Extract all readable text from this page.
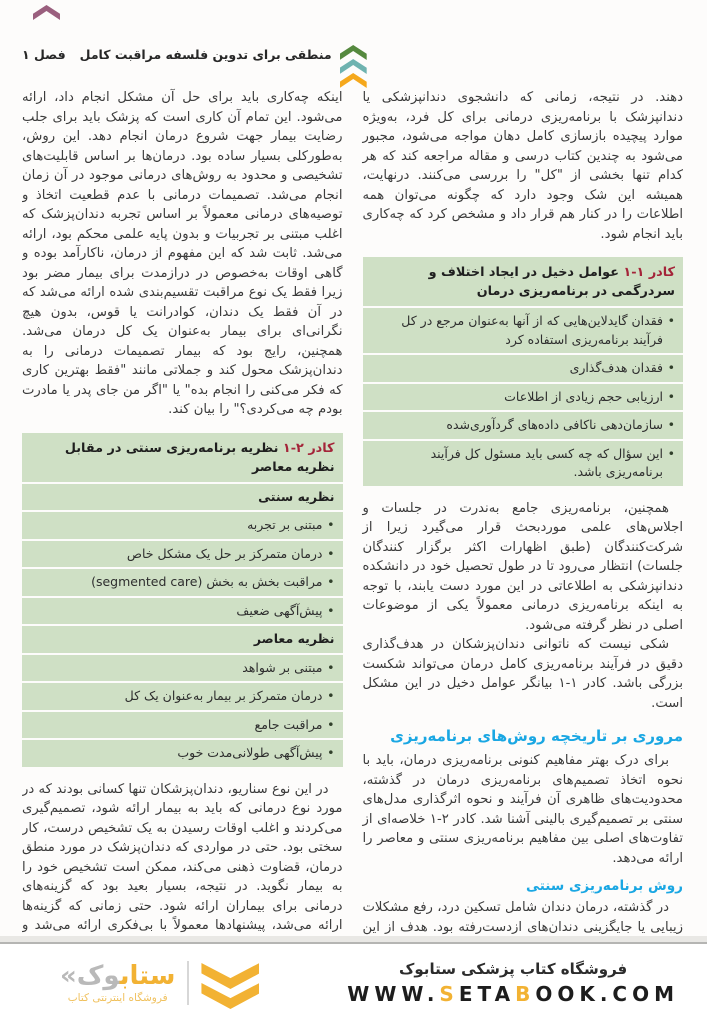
فصل ۱ منطقی برای تدوین فلسفه مراقبت کامل

دهند. در نتیجه، زمانی که دانشجوی دندانپزشکی یا دندانپزشک با برنامه‌ریزی درمانی برای کل فرد، به‌ویژه موارد پیچیده بازسازی کامل دهان مواجه می‌شود، مجبور می‌شود به چندین کتاب درسی و مقاله مراجعه کند که هر کدام تنها بخشی از "کل" را بررسی می‌کنند. درنهایت، همیشه این شک وجود دارد که چگونه می‌توان همه اطلاعات را در کنار هم قرار داد و مشخص کرد که چه‌کاری باید انجام شود.

کادر ۱-۱ عوامل دخیل در ایجاد اختلاف و سردرگمی در برنامه‌ریزی درمان
•
فقدان گایدلاین‌هایی که از آنها به‌عنوان مرجع در کل فرآیند برنامه‌ریزی استفاده کرد
•
فقدان هدف‌گذاری
•
ارزیابی حجم زیادی از اطلاعات
•
سازمان‌دهی ناکافی داده‌های گردآوری‌شده
•
این سؤال که چه کسی باید مسئول کل فرآیند برنامه‌ریزی باشد.

همچنین، برنامه‌ریزی جامع به‌ندرت در جلسات و اجلاس‌های علمی موردبحث قرار می‌گیرد زیرا از شرکت‌کنندگان (طبق اظهارات اکثر برگزار کنندگان جلسات) انتظار می‌رود تا در طول تحصیل خود در دانشکده دندانپزشکی به اطلاعاتی در این مورد دست یابند، با توجه به اینکه برنامه‌ریزی درمانی معمولاً یکی از موضوعات اصلی در نظر گرفته می‌شود.

شکی نیست که ناتوانی دندان‌پزشکان در هدف‌گذاری دقیق در فرآیند برنامه‌ریزی کامل درمان می‌تواند شکست بزرگی باشد. کادر ۱-۱ بیانگر عوامل دخیل در این مشکل است.

مروری بر تاریخچه روش‌های برنامه‌ریزی

برای درک بهتر مفاهیم کنونی برنامه‌ریزی درمان، باید با نحوه اتخاذ تصمیم‌های برنامه‌ریزی درمان در گذشته، محدودیت‌های ظاهری آن فرآیند و نحوه اثرگذاری مدل‌های سنتی بر تصمیم‌گیری بالینی آشنا شد. کادر ۲-۱ خلاصه‌ای از تفاوت‌های اصلی بین مفاهیم برنامه‌ریزی سنتی و معاصر را ارائه می‌دهد.

روش برنامه‌ریزی سنتی

در گذشته، درمان دندان شامل تسکین درد، رفع مشکلات زیبایی یا جایگزینی دندان‌های ازدست‌رفته بود. هدف از این

اینکه چه‌کاری باید برای حل آن مشکل انجام داد، ارائه می‌شود. این تمام آن کاری است که پزشک باید برای جلب رضایت بیمار جهت شروع درمان انجام دهد. این روش، به‌طورکلی بسیار ساده بود. درمان‌ها بر اساس قابلیت‌های تشخیصی و محدود به روش‌های درمانی موجود در آن زمان انجام می‌شد. تصمیمات درمانی با عدم قطعیت اتخاذ و توصیه‌های درمانی معمولاً بر اساس تجربه دندان‌پزشک که اغلب مبتنی بر تجربیات و بدون پایه علمی محکم بود، ارائه می‌شد. ثابت شد که این مفهوم از درمان، ناکارآمد بوده و گاهی اوقات به‌خصوص در درازمدت برای بیمار مضر بود زیرا فقط یک نوع مراقبت تقسیم‌بندی شده ارائه می‌شد که در آن فقط یک دندان، کوادرانت یا قوس، بدون هیچ نگرانی‌ای برای بیمار به‌عنوان یک کل درمان می‌شد. همچنین، رایج بود که بیمار تصمیمات درمانی را به دندان‌پزشک محول کند و جملاتی مانند "فقط بهترین کاری که فکر می‌کنی را انجام بده" یا "اگر من جای پدر یا مادرت بودم چه می‌کردی؟" را بیان کند.

کادر ۲-۱ نظریه برنامه‌ریزی سنتی در مقابل نظریه معاصر
نظریه سنتی
•
مبتنی بر تجربه
•
درمان متمرکز بر حل یک مشکل خاص
•
مراقبت بخش به بخش (segmented care)
•
پیش‌آگهی ضعیف
نظریه معاصر
•
مبتنی بر شواهد
•
درمان متمرکز بر بیمار به‌عنوان یک کل
•
مراقبت جامع
•
پیش‌آگهی طولانی‌مدت خوب

در این نوع سناریو، دندان‌پزشکان تنها کسانی بودند که در مورد نوع درمانی که باید به بیمار ارائه شود، تصمیم‌گیری می‌کردند و اغلب اوقات رسیدن به یک تشخیص درست، کار سختی بود. حتی در مواردی که دندان‌پزشک در مورد منطق درمان، قضاوت ذهنی می‌کند، ممکن است تشخیص خود را به بیمار نگوید. در نتیجه، بسیار بعید بود که گزینه‌های درمانی برای بیماران ارائه شود. حتی زمانی که گزینه‌ها ارائه می‌شد، پیشنهادها معمولاً با بی‌فکری ارائه می‌شد و

ستابوک»
فروشگاه اینترنتی کتاب
فروشگاه کتاب پزشکی ستابوک
WWW.SETABOOK.COM
